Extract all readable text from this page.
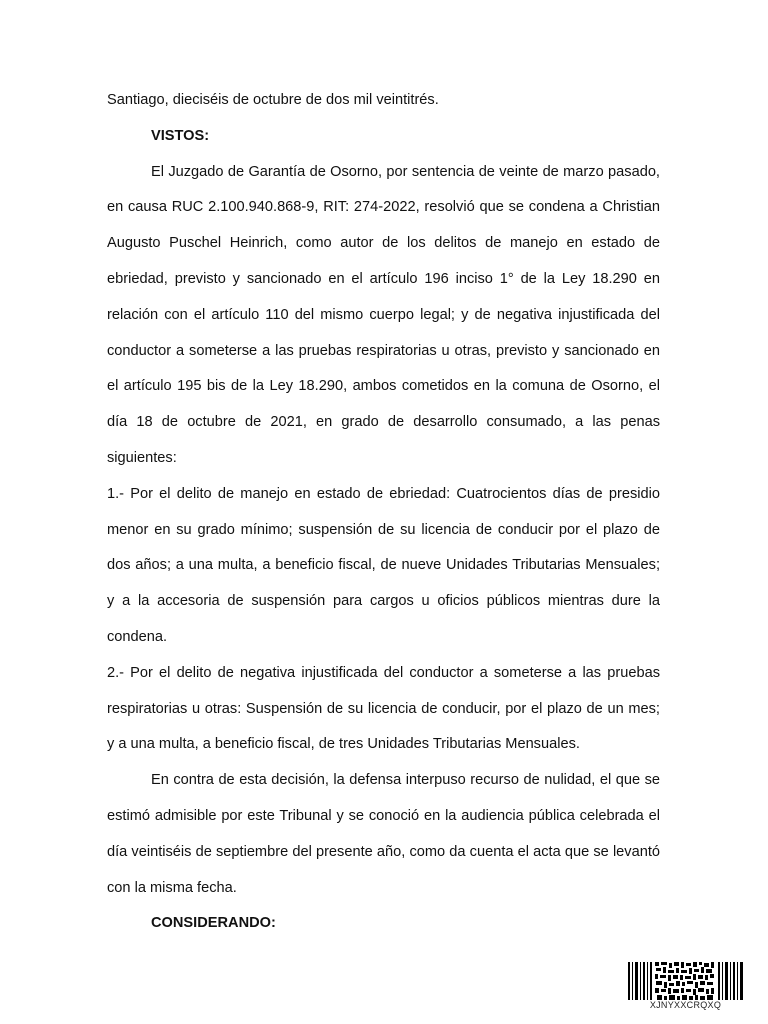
Santiago, dieciséis de octubre de dos mil veintitrés.

VISTOS:

El Juzgado de Garantía de Osorno, por sentencia de veinte de marzo pasado, en causa RUC 2.100.940.868-9, RIT: 274-2022, resolvió que se condena a Christian Augusto Puschel Heinrich, como autor de los delitos de manejo en estado de ebriedad, previsto y sancionado en el artículo 196 inciso 1° de la Ley 18.290 en relación con el artículo 110 del mismo cuerpo legal; y de negativa injustificada del conductor a someterse a las pruebas respiratorias u otras, previsto y sancionado en el artículo 195 bis de la Ley 18.290, ambos cometidos en la comuna de Osorno, el día 18 de octubre de 2021, en grado de desarrollo consumado, a las penas siguientes:

1.- Por el delito de manejo en estado de ebriedad: Cuatrocientos días de presidio menor en su grado mínimo; suspensión de su licencia de conducir por el plazo de dos años; a una multa, a beneficio fiscal, de nueve Unidades Tributarias Mensuales; y a la accesoria de suspensión para cargos u oficios públicos mientras dure la condena.

2.- Por el delito de negativa injustificada del conductor a someterse a las pruebas respiratorias u otras: Suspensión de su licencia de conducir, por el plazo de un mes; y a una multa, a beneficio fiscal, de tres Unidades Tributarias Mensuales.

En contra de esta decisión, la defensa interpuso recurso de nulidad, el que se estimó admisible por este Tribunal y se conoció en la audiencia pública celebrada el día veintiséis de septiembre del presente año, como da cuenta el acta que se levantó con la misma fecha.

CONSIDERANDO:

XJNYXXCRQXQ
